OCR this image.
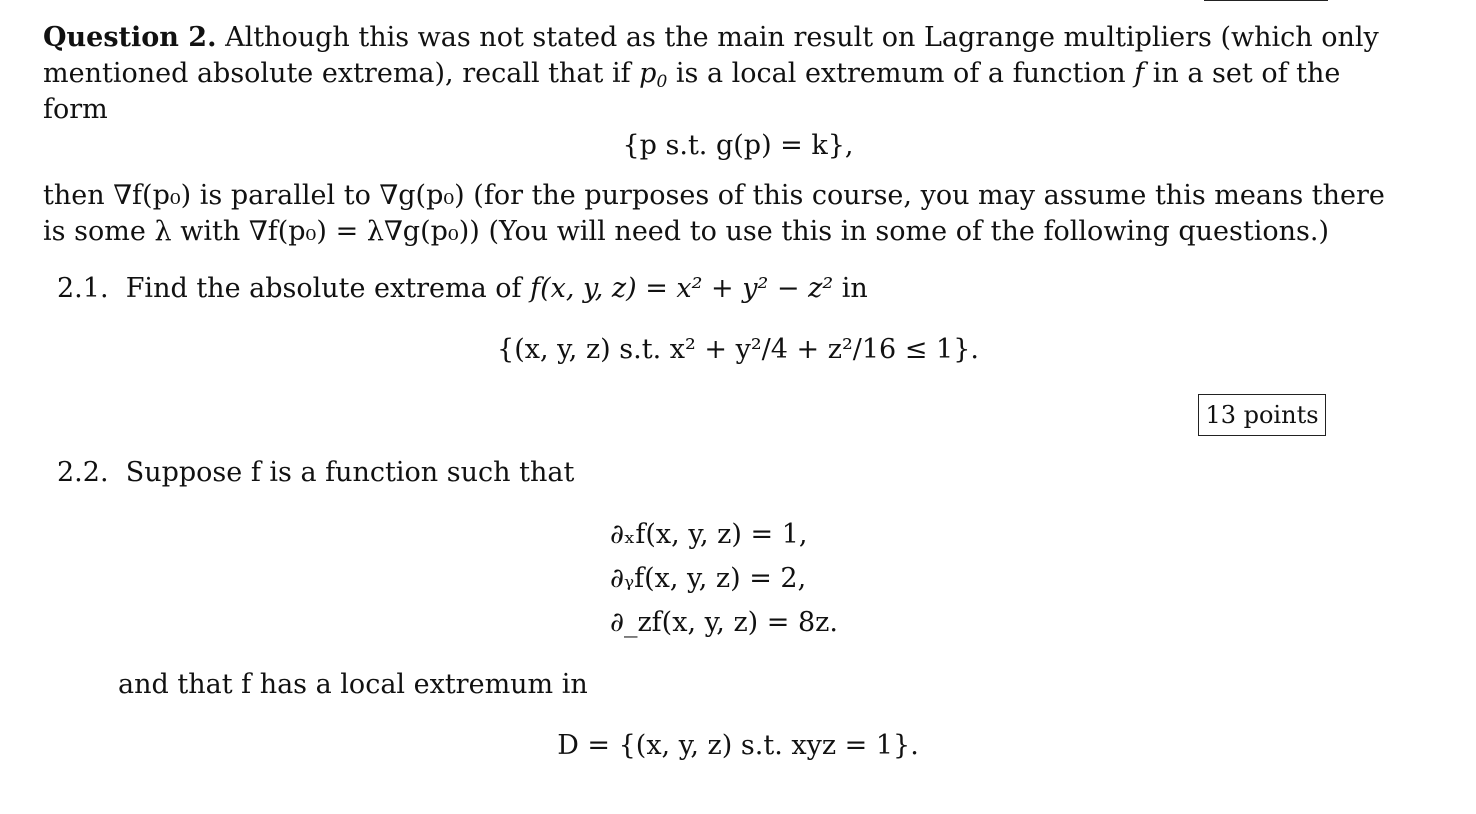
Question 2. Although this was not stated as the main result on Lagrange multipliers (which only
mentioned absolute extrema), recall that if $p_0$ is a local extremum of a function f in a set of the
form
{p s.t. g(p) = k},
then ∇f(p₀) is parallel to ∇g(p₀) (for the purposes of this course, you may assume this means there
is some λ with ∇f(p₀) = λ∇g(p₀)) (You will need to use this in some of the following questions.)
2.1. Find the absolute extrema of f(x, y, z) = x² + y² − z² in
{(x, y, z) s.t. x² + y²/4 + z²/16 ≤ 1}.
13 points
2.2. Suppose f is a function such that
∂ₓf(x, y, z) = 1,
∂ᵧf(x, y, z) = 2,
∂_zf(x, y, z) = 8z.
and that f has a local extremum in
D = {(x, y, z) s.t. xyz = 1}.
